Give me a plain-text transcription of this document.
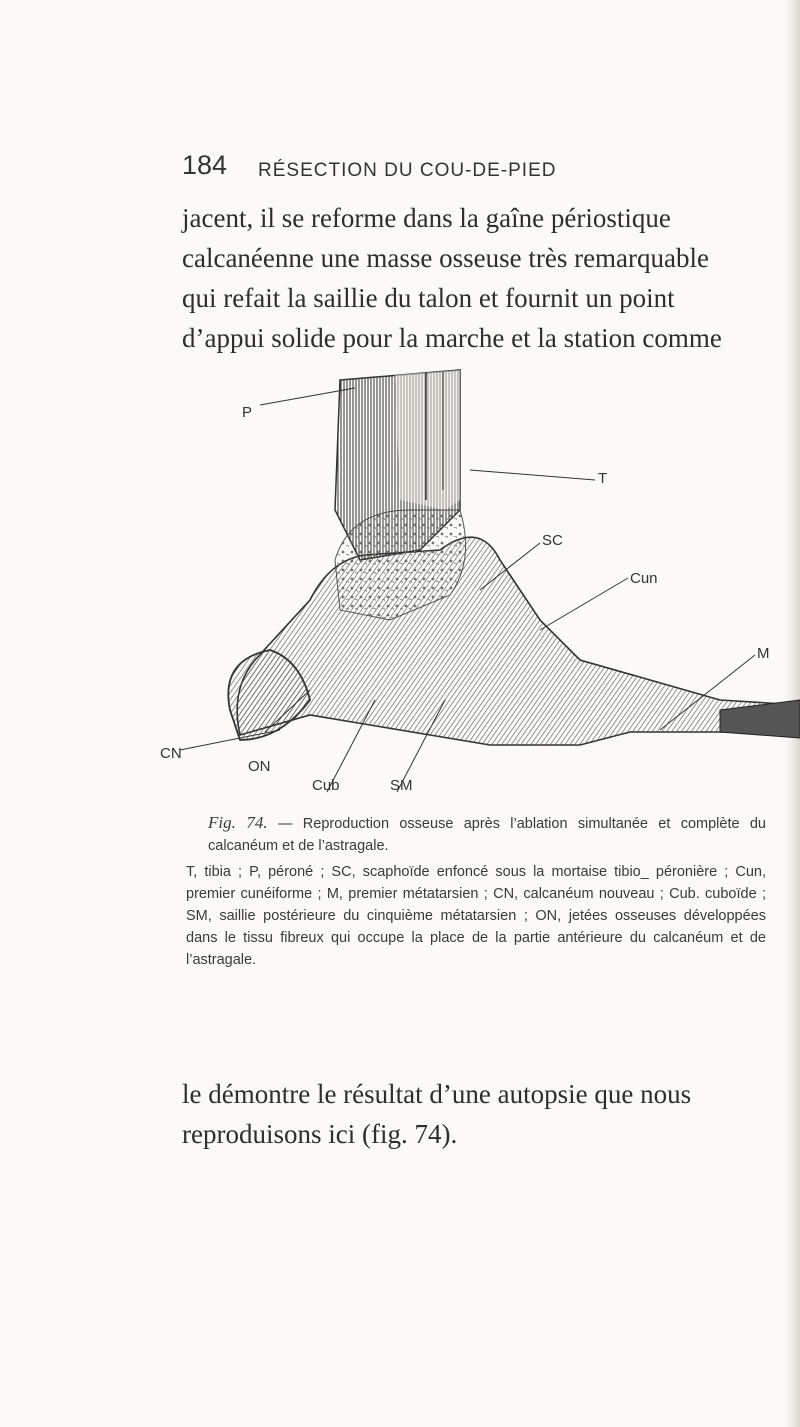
184 RÉSECTION DU COU-DE-PIED

jacent, il se reforme dans la gaîne périostique
calcanéenne une masse osseuse très remarquable
qui refait la saillie du talon et fournit un point
d’appui solide pour la marche et la station comme

P
T
SC
Cun
M
CN
ON
Cub	SM
Fig. 74. — Reproduction osseuse après l’ablation simultanée et complète du calcanéum et de l’astragale.

T, tibia ; P, péroné ; SC, scaphoïde enfoncé sous la mortaise tibio_ péronière ; Cun, premier cunéiforme ; M, premier métatarsien ; CN, calcanéum nouveau ; Cub. cuboïde ; SM, saillie postérieure du cinquième métatarsien ; ON, jetées osseuses développées dans le tissu fibreux qui occupe la place de la partie antérieure du calcanéum et de l’astragale.

le démontre le résultat d’une autopsie que nous
reproduisons ici (fig. 74).
